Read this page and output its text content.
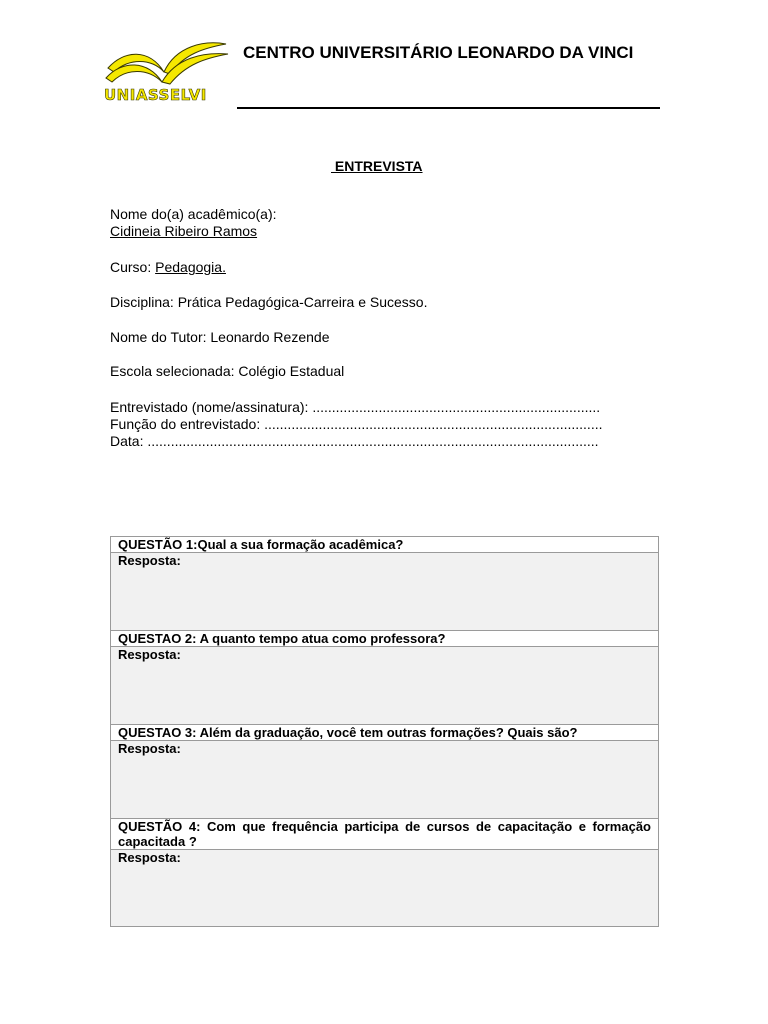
UNIASSELVI
CENTRO UNIVERSITÁRIO LEONARDO DA VINCI
ENTREVISTA
Nome do(a) acadêmico(a):
Cidineia Ribeiro Ramos
Curso: Pedagogia.
Disciplina: Prática Pedagógica-Carreira e Sucesso.
Nome do Tutor: Leonardo Rezende
Escola selecionada: Colégio Estadual
Entrevistado (nome/assinatura): ..........................................................................
Função do entrevistado: .......................................................................................
Data: ....................................................................................................................
QUESTÃO 1:Qual a sua formação acadêmica?
Resposta:
QUESTAO 2: A quanto tempo atua como professora?
Resposta:
QUESTAO 3: Além da graduação, você tem outras formações? Quais são?
Resposta:
QUESTÃO 4: Com que frequência participa de cursos de capacitação e formação capacitada ?
Resposta:
